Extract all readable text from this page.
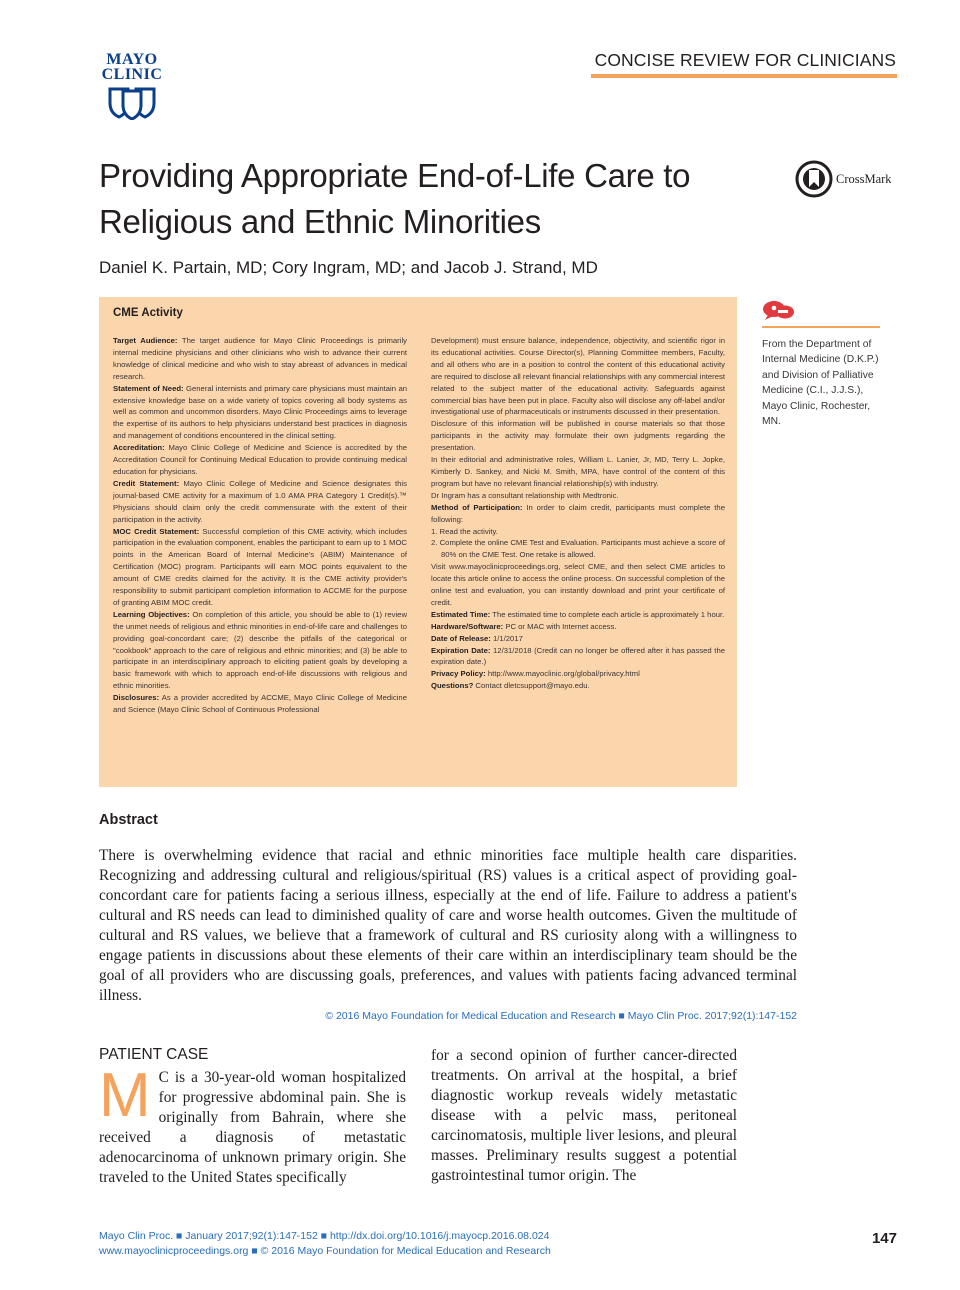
MAYO
CLINIC
CONCISE REVIEW FOR CLINICIANS
Providing Appropriate End-of-Life Care to Religious and Ethnic Minorities
CrossMark
Daniel K. Partain, MD; Cory Ingram, MD; and Jacob J. Strand, MD
CME Activity

Target Audience: The target audience for Mayo Clinic Proceedings is primarily internal medicine physicians and other clinicians who wish to advance their current knowledge of clinical medicine and who wish to stay abreast of advances in medical research.

Statement of Need: General internists and primary care physicians must maintain an extensive knowledge base on a wide variety of topics covering all body systems as well as common and uncommon disorders. Mayo Clinic Proceedings aims to leverage the expertise of its authors to help physicians understand best practices in diagnosis and management of conditions encountered in the clinical setting.

Accreditation: Mayo Clinic College of Medicine and Science is accredited by the Accreditation Council for Continuing Medical Education to provide continuing medical education for physicians.

Credit Statement: Mayo Clinic College of Medicine and Science designates this journal-based CME activity for a maximum of 1.0 AMA PRA Category 1 Credit(s).™ Physicians should claim only the credit commensurate with the extent of their participation in the activity.

MOC Credit Statement: Successful completion of this CME activity, which includes participation in the evaluation component, enables the participant to earn up to 1 MOC points in the American Board of Internal Medicine's (ABIM) Maintenance of Certification (MOC) program. Participants will earn MOC points equivalent to the amount of CME credits claimed for the activity. It is the CME activity provider's responsibility to submit participant completion information to ACCME for the purpose of granting ABIM MOC credit.

Learning Objectives: On completion of this article, you should be able to (1) review the unmet needs of religious and ethnic minorities in end-of-life care and challenges to providing goal-concordant care; (2) describe the pitfalls of the categorical or "cookbook" approach to the care of religious and ethnic minorities; and (3) be able to participate in an interdisciplinary approach to eliciting patient goals by developing a basic framework with which to approach end-of-life discussions with religious and ethnic minorities.

Disclosures: As a provider accredited by ACCME, Mayo Clinic College of Medicine and Science (Mayo Clinic School of Continuous Professional

Development) must ensure balance, independence, objectivity, and scientific rigor in its educational activities. Course Director(s), Planning Committee members, Faculty, and all others who are in a position to control the content of this educational activity are required to disclose all relevant financial relationships with any commercial interest related to the subject matter of the educational activity. Safeguards against commercial bias have been put in place. Faculty also will disclose any off-label and/or investigational use of pharmaceuticals or instruments discussed in their presentation.

Disclosure of this information will be published in course materials so that those participants in the activity may formulate their own judgments regarding the presentation.

In their editorial and administrative roles, William L. Lanier, Jr, MD, Terry L. Jopke, Kimberly D. Sankey, and Nicki M. Smith, MPA, have control of the content of this program but have no relevant financial relationship(s) with industry.

Dr Ingram has a consultant relationship with Medtronic.

Method of Participation: In order to claim credit, participants must complete the following:

1. Read the activity.

2. Complete the online CME Test and Evaluation. Participants must achieve a score of 80% on the CME Test. One retake is allowed.

Visit www.mayoclinicproceedings.org, select CME, and then select CME articles to locate this article online to access the online process. On successful completion of the online test and evaluation, you can instantly download and print your certificate of credit.

Estimated Time: The estimated time to complete each article is approximately 1 hour.

Hardware/Software: PC or MAC with Internet access.

Date of Release: 1/1/2017

Expiration Date: 12/31/2018 (Credit can no longer be offered after it has passed the expiration date.)

Privacy Policy: http://www.mayoclinic.org/global/privacy.html

Questions? Contact dletcsupport@mayo.edu.

From the Department of Internal Medicine (D.K.P.) and Division of Palliative Medicine (C.I., J.J.S.), Mayo Clinic, Rochester, MN.
Abstract

There is overwhelming evidence that racial and ethnic minorities face multiple health care disparities. Recognizing and addressing cultural and religious/spiritual (RS) values is a critical aspect of providing goal-concordant care for patients facing a serious illness, especially at the end of life. Failure to address a patient's cultural and RS needs can lead to diminished quality of care and worse health outcomes. Given the multitude of cultural and RS values, we believe that a framework of cultural and RS curiosity along with a willingness to engage patients in discussions about these elements of their care within an interdisciplinary team should be the goal of all providers who are discussing goals, preferences, and values with patients facing advanced terminal illness.

© 2016 Mayo Foundation for Medical Education and Research ■ Mayo Clin Proc. 2017;92(1):147-152
PATIENT CASE

M C is a 30-year-old woman hospitalized for progressive abdominal pain. She is originally from Bahrain, where she received a diagnosis of metastatic adenocarcinoma of unknown primary origin. She traveled to the United States specifically

for a second opinion of further cancer-directed treatments. On arrival at the hospital, a brief diagnostic workup reveals widely metastatic disease with a pelvic mass, peritoneal carcinomatosis, multiple liver lesions, and pleural masses. Preliminary results suggest a potential gastrointestinal tumor origin. The

Mayo Clin Proc. ■ January 2017;92(1):147-152 ■ http://dx.doi.org/10.1016/j.mayocp.2016.08.024
www.mayoclinicproceedings.org ■ © 2016 Mayo Foundation for Medical Education and Research
147
